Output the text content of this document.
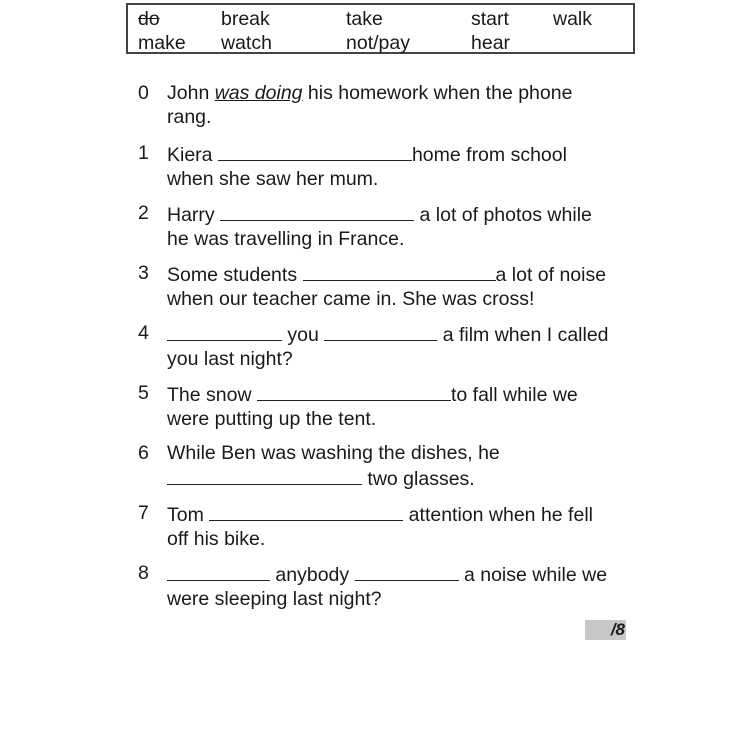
do	break	take	start walk
make watch	not/pay	hear
0 John was doing his homework when the phone
rang.
1 Kiera	home from school
when she saw her mum.
2 Harry	a lot of photos while
he was travelling in France.
3 Some students	a lot of noise
when our teacher came in. She was cross!
4	you	a film when I called
you last night?
5 The snow	to fall while we
were putting up the tent.
6 While Ben was washing the dishes, he
two glasses.
7 Tom	attention when he fell
off his bike.
8	anybody	a noise while we
were sleeping last night?
/8
